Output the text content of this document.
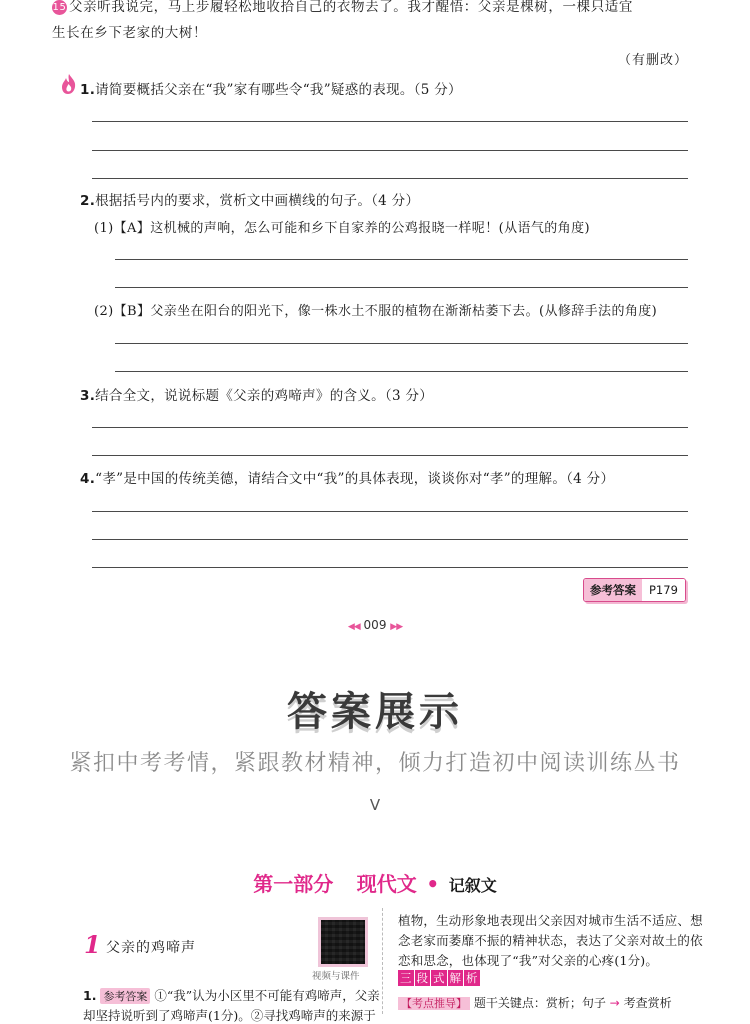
15 父亲听我说完，马上步履轻松地收拾自己的衣物去了。我才醒悟：父亲是棵树，一棵只适宜
生长在乡下老家的大树！
（有删改）
1.请简要概括父亲在“我”家有哪些令“我”疑惑的表现。（5 分）
2.根据括号内的要求，赏析文中画横线的句子。（4 分）
(1)【A】这机械的声响，怎么可能和乡下自家养的公鸡报晓一样呢！(从语气的角度)
(2)【B】父亲坐在阳台的阳光下，像一株水土不服的植物在渐渐枯萎下去。(从修辞手法的角度)
3.结合全文，说说标题《父亲的鸡啼声》的含义。（3 分）
4.“孝”是中国的传统美德，请结合文中“我”的具体表现，谈谈你对“孝”的理解。（4 分）
参考答案	P179
◀◀ 009 ▶▶
答案展示
紧扣中考考情，紧跟教材精神，倾力打造初中阅读训练丛书
V
第一部分 现代文 • 记叙文
1 父亲的鸡啼声
视频与课件
1. 参考答案 ①“我”认为小区里不可能有鸡啼声，父亲
却坚持说听到了鸡啼声(1分)。②寻找鸡啼声的来源于
植物，生动形象地表现出父亲因对城市生活不适应、想
念老家而萎靡不振的精神状态，表达了父亲对故土的依
恋和思念，也体现了“我”对父亲的心疼(1分)。
三 段 式 解 析
【考点推导】 题干关键点：赏析；句子 → 考查赏析
